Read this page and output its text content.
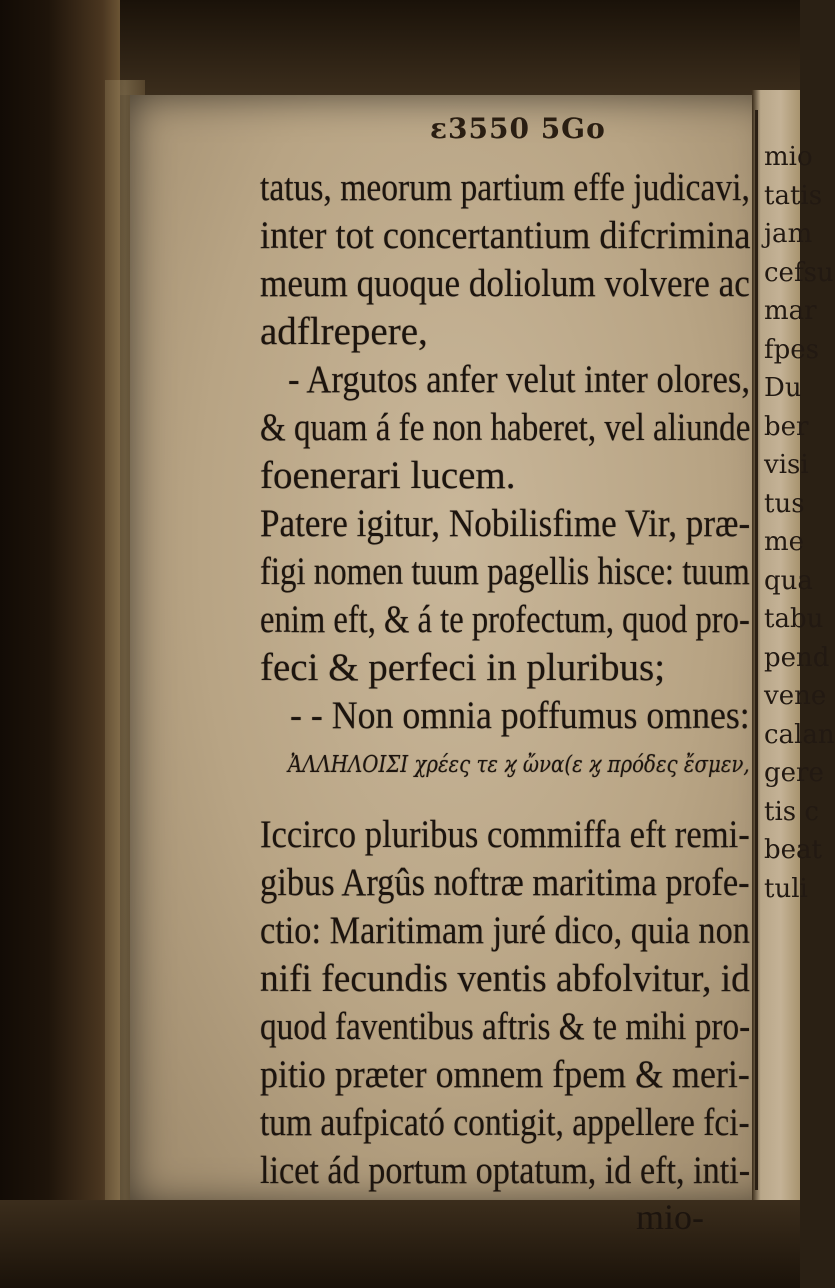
ε3550 5Go
tatus, meorum partium effe judicavi,
inter tot concertantium difcrimina
meum quoque doliolum volvere ac
adflrepere,
- Argutos anfer velut inter olores,
& quam á fe non haberet, vel aliunde
foenerari lucem.
Patere igitur, Nobilisfime Vir, præ-
figi nomen tuum pagellis hisce: tuum
enim eft, & á te profectum, quod pro-
feci & perfeci in pluribus;
- - Non omnia poffumus omnes:
ἈΛΛΗΛΟΙΣΙ χρέες τε ϗ ὤνα(ε ϗ πρόδες ἔσμεν,
Iccirco pluribus commiffa eft remi-
gibus Argûs noftræ maritima profe-
ctio: Maritimam juré dico, quia non
nifi fecundis ventis abfolvitur, id
quod faventibus aftris & te mihi pro-
pitio præter omnem fpem & meri-
tum aufpicató contigit, appellere fci-
licet ád portum optatum, id eft, inti-
mio-
mio
tatis
jam
cefsu
mar
fpes
Du
ber
visi
tus
me
qua
tabu
pend
vene
calan
gere
tis c
beat
tuli
